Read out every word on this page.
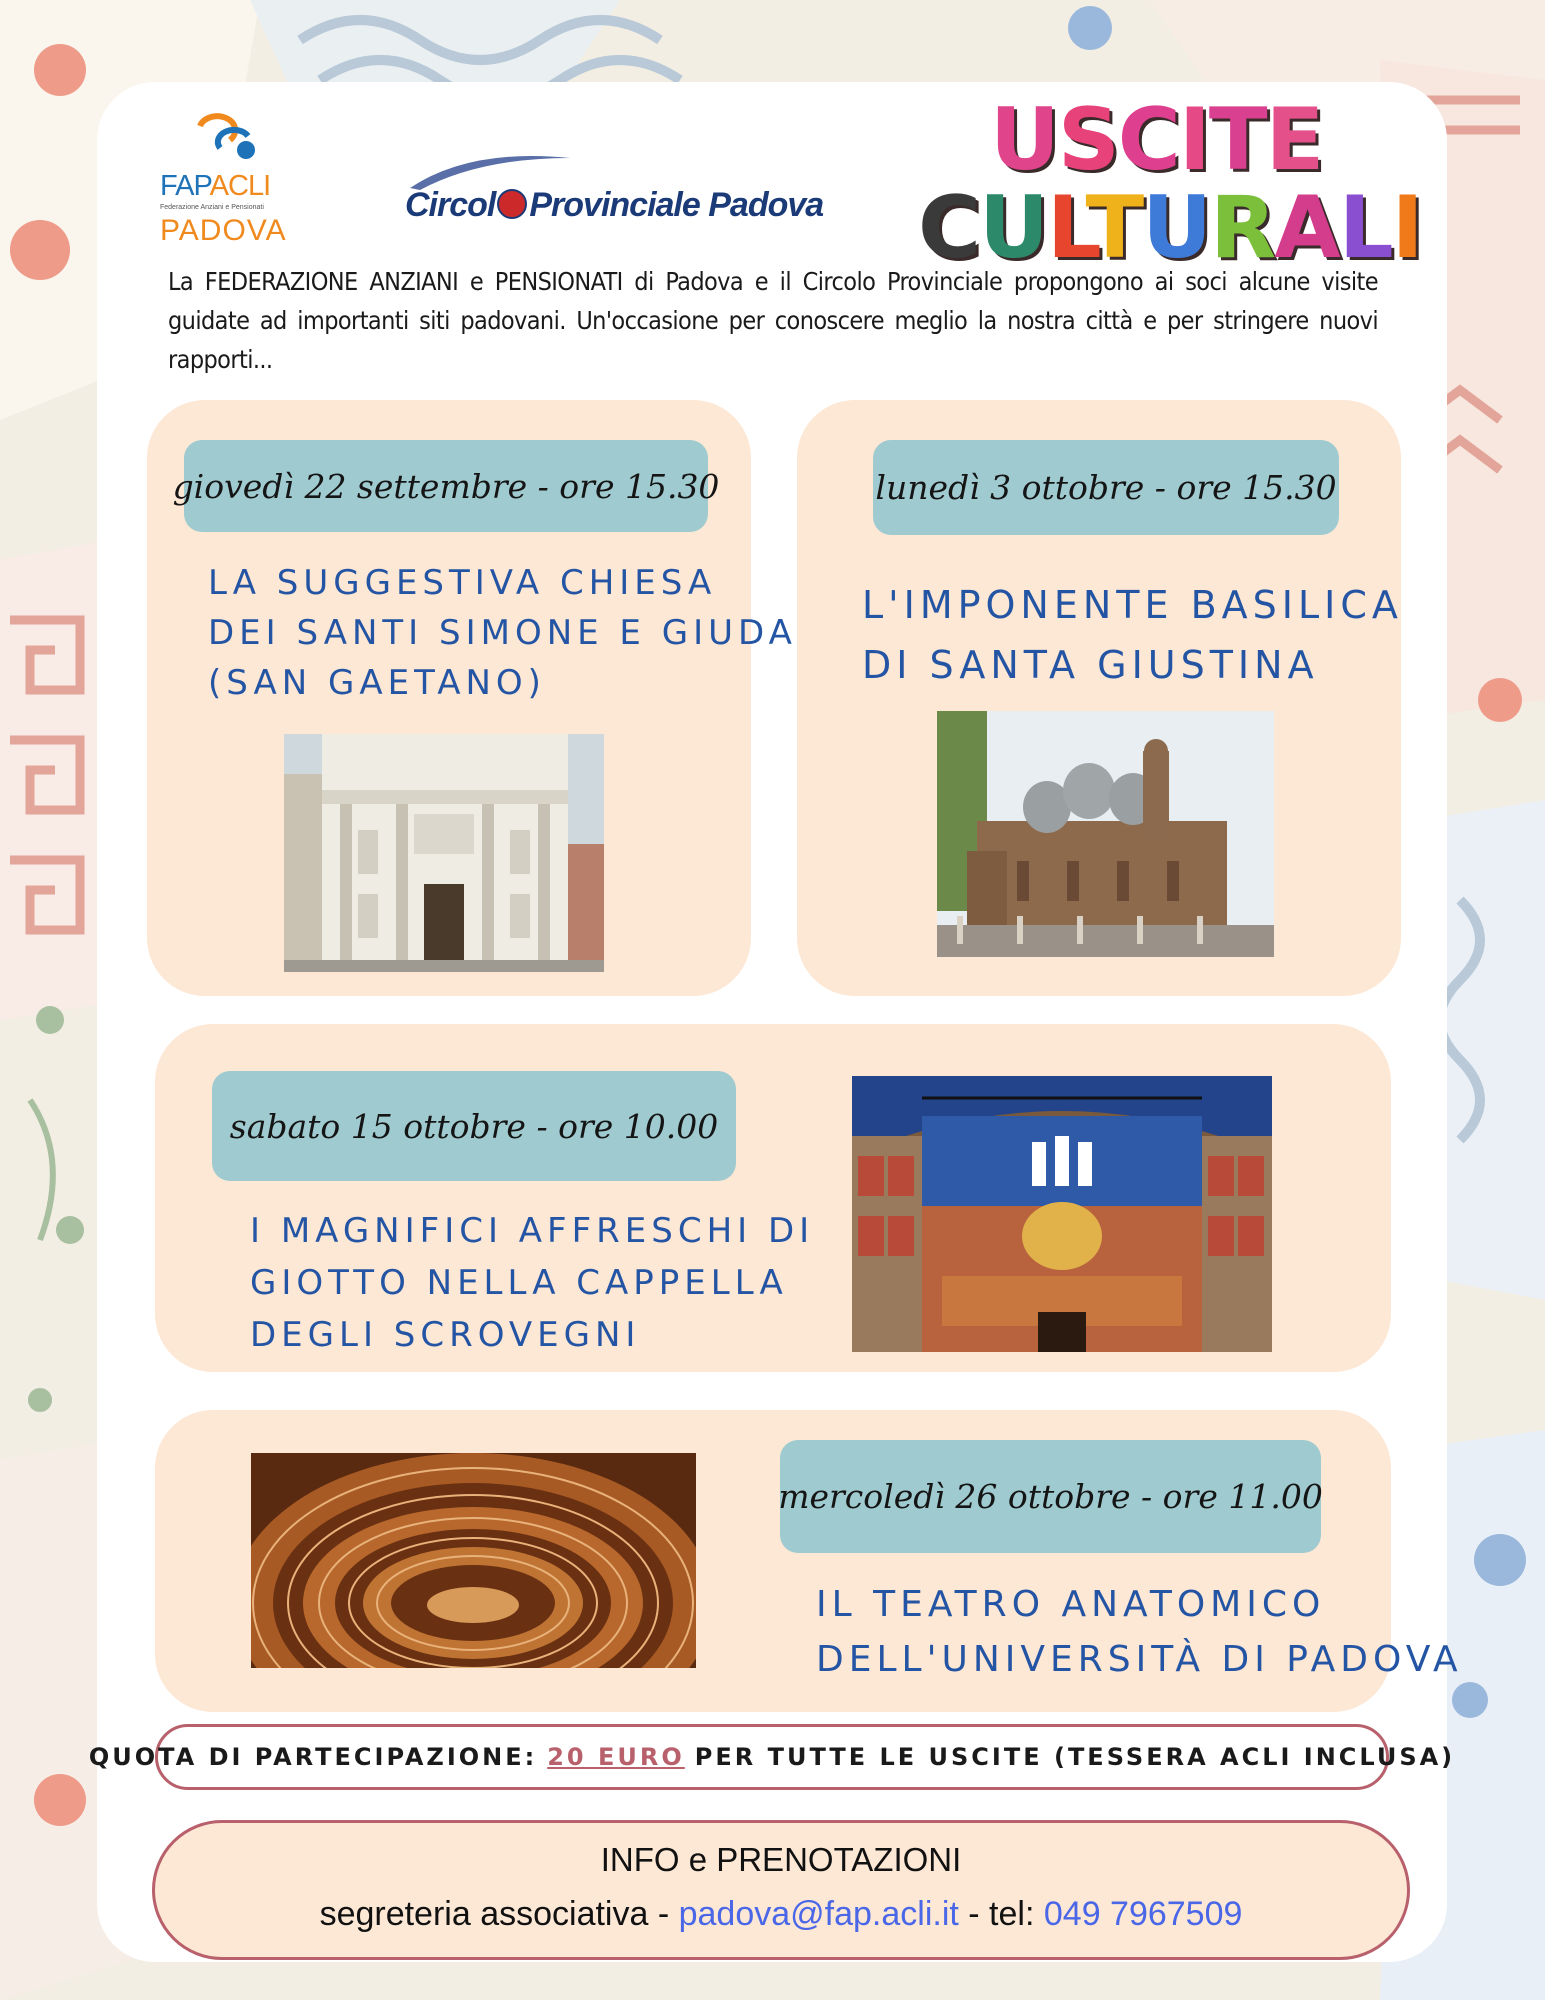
FAPACLI
Federazione Anziani e Pensionati
PADOVA
Circol Provinciale Padova
USCITE
CULTURALI
La FEDERAZIONE ANZIANI e PENSIONATI di Padova e il Circolo Provinciale propongono ai soci alcune visite guidate ad importanti siti padovani. Un'occasione per conoscere meglio la nostra città e per stringere nuovi rapporti...
giovedì 22 settembre - ore 15.30
LA SUGGESTIVA CHIESA
DEI SANTI SIMONE E GIUDA
(SAN GAETANO)
lunedì 3 ottobre - ore 15.30
L'IMPONENTE BASILICA
DI SANTA GIUSTINA
sabato 15 ottobre - ore 10.00
I MAGNIFICI AFFRESCHI DI
GIOTTO NELLA CAPPELLA
DEGLI SCROVEGNI
mercoledì 26 ottobre - ore 11.00
IL TEATRO ANATOMICO
DELL'UNIVERSITÀ DI PADOVA
QUOTA DI PARTECIPAZIONE: 20 EURO PER TUTTE LE USCITE (TESSERA ACLI INCLUSA)
INFO e PRENOTAZIONI
segreteria associativa - padova@fap.acli.it - tel: 049 7967509
